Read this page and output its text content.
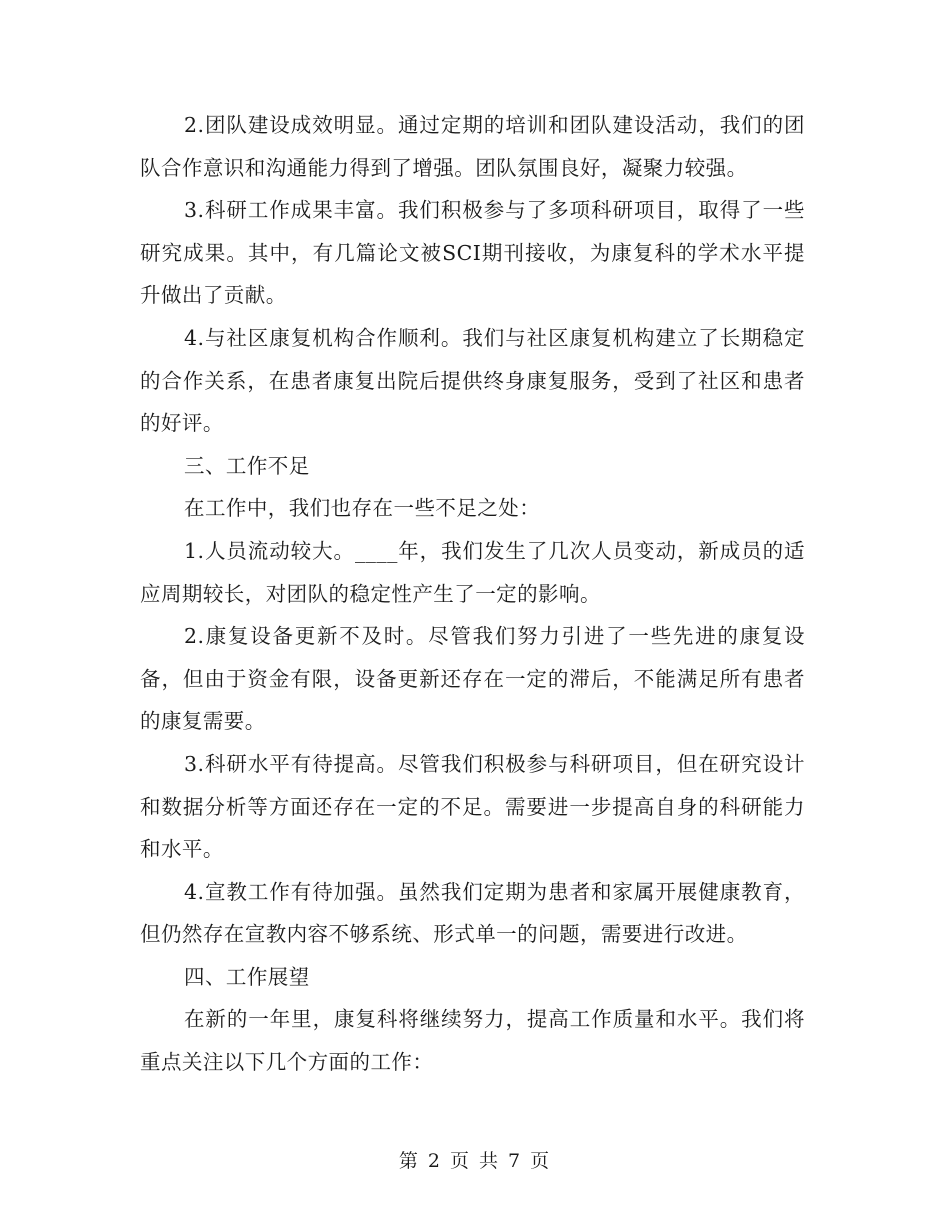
2.团队建设成效明显。通过定期的培训和团队建设活动，我们的团队合作意识和沟通能力得到了增强。团队氛围良好，凝聚力较强。

3.科研工作成果丰富。我们积极参与了多项科研项目，取得了一些研究成果。其中，有几篇论文被SCI期刊接收，为康复科的学术水平提升做出了贡献。

4.与社区康复机构合作顺利。我们与社区康复机构建立了长期稳定的合作关系，在患者康复出院后提供终身康复服务，受到了社区和患者的好评。

三、工作不足

在工作中，我们也存在一些不足之处：

1.人员流动较大。____年，我们发生了几次人员变动，新成员的适应周期较长，对团队的稳定性产生了一定的影响。

2.康复设备更新不及时。尽管我们努力引进了一些先进的康复设备，但由于资金有限，设备更新还存在一定的滞后，不能满足所有患者的康复需要。

3.科研水平有待提高。尽管我们积极参与科研项目，但在研究设计和数据分析等方面还存在一定的不足。需要进一步提高自身的科研能力和水平。

4.宣教工作有待加强。虽然我们定期为患者和家属开展健康教育，但仍然存在宣教内容不够系统、形式单一的问题，需要进行改进。

四、工作展望

在新的一年里，康复科将继续努力，提高工作质量和水平。我们将重点关注以下几个方面的工作：

第 2 页 共 7 页
